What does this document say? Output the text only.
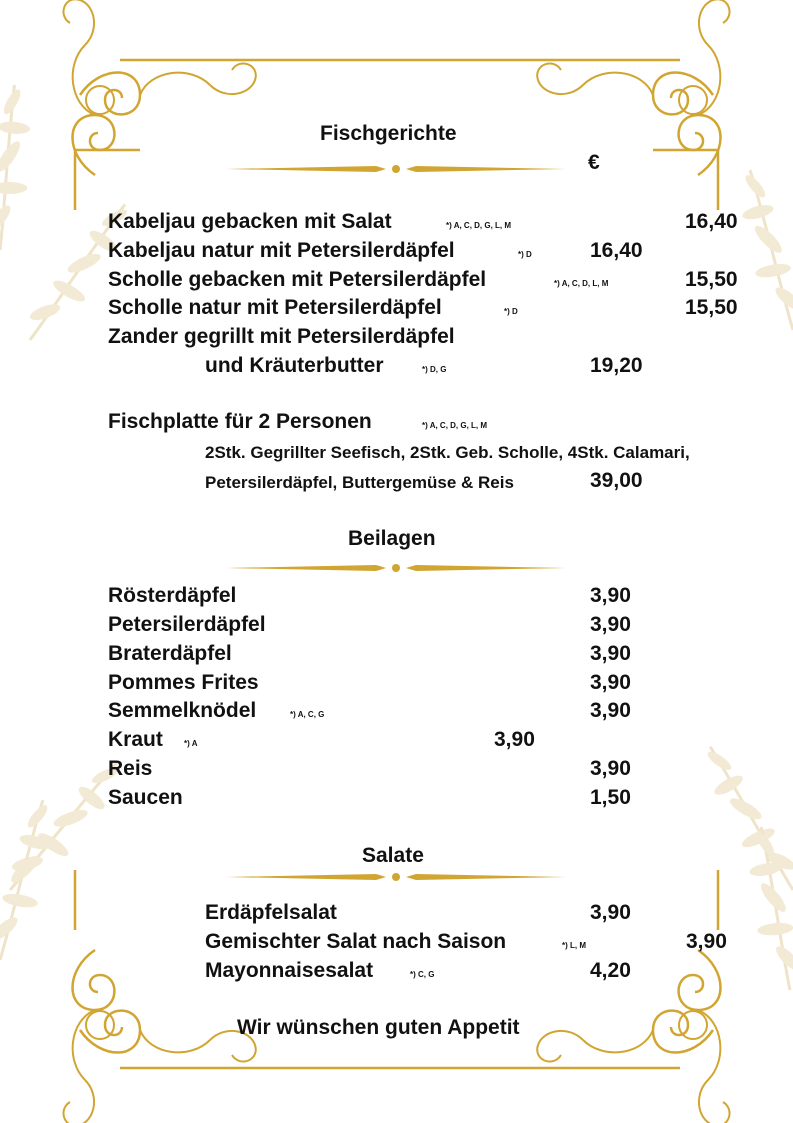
Fischgerichte
€
Kabeljau gebacken mit Salat	*) A, C, D, G, L, M	16,40
Kabeljau natur mit Petersilerdäpfel	*) D	16,40
Scholle gebacken mit Petersilerdäpfel	*) A, C, D, L, M	15,50
Scholle natur mit Petersilerdäpfel	*) D	15,50
Zander gegrillt mit Petersilerdäpfel
und Kräuterbutter	*) D, G	19,20
Fischplatte für 2 Personen	*) A, C, D, G, L, M
2Stk. Gegrillter Seefisch, 2Stk. Geb. Scholle, 4Stk. Calamari,
Petersilerdäpfel, Buttergemüse & Reis	39,00
Beilagen
Rösterdäpfel	3,90
Petersilerdäpfel	3,90
Braterdäpfel	3,90
Pommes Frites	3,90
Semmelknödel	*) A, C, G	3,90
Kraut	*) A	3,90
Reis	3,90
Saucen	1,50
Salate
Erdäpfelsalat	3,90
Gemischter Salat nach Saison	*) L, M	3,90
Mayonnaisesalat	*) C, G	4,20
Wir wünschen guten Appetit
